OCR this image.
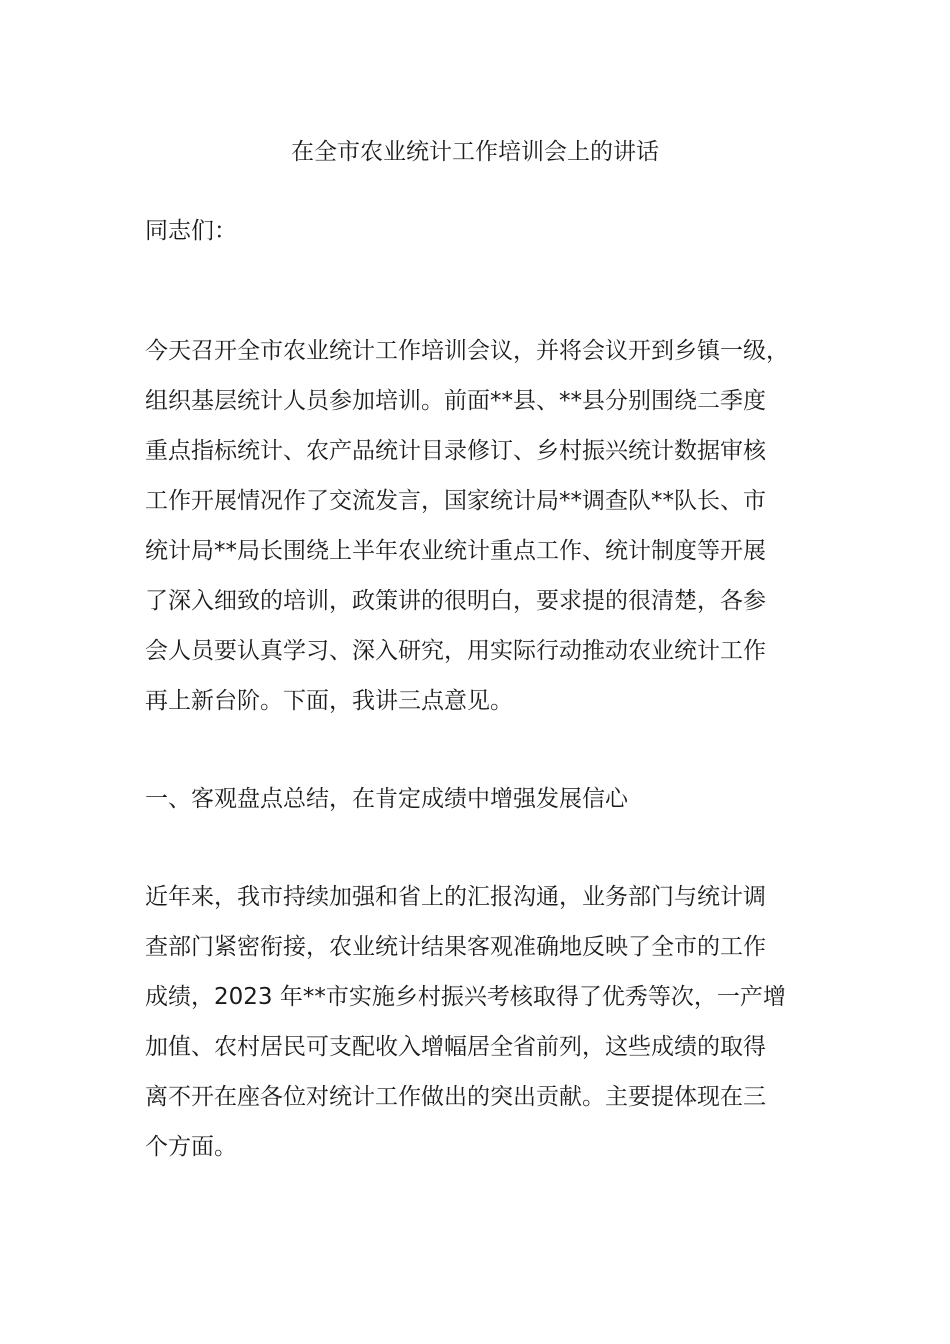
在全市农业统计工作培训会上的讲话

同志们：

今天召开全市农业统计工作培训会议，并将会议开到乡镇一级，
组织基层统计人员参加培训。前面**县、**县分别围绕二季度
重点指标统计、农产品统计目录修订、乡村振兴统计数据审核
工作开展情况作了交流发言，国家统计局**调查队**队长、市
统计局**局长围绕上半年农业统计重点工作、统计制度等开展
了深入细致的培训，政策讲的很明白，要求提的很清楚，各参
会人员要认真学习、深入研究，用实际行动推动农业统计工作
再上新台阶。下面，我讲三点意见。
一、客观盘点总结，在肯定成绩中增强发展信心
近年来，我市持续加强和省上的汇报沟通，业务部门与统计调
查部门紧密衔接，农业统计结果客观准确地反映了全市的工作
成绩，2023 年**市实施乡村振兴考核取得了优秀等次，一产增
加值、农村居民可支配收入增幅居全省前列，这些成绩的取得
离不开在座各位对统计工作做出的突出贡献。主要提体现在三
个方面。
